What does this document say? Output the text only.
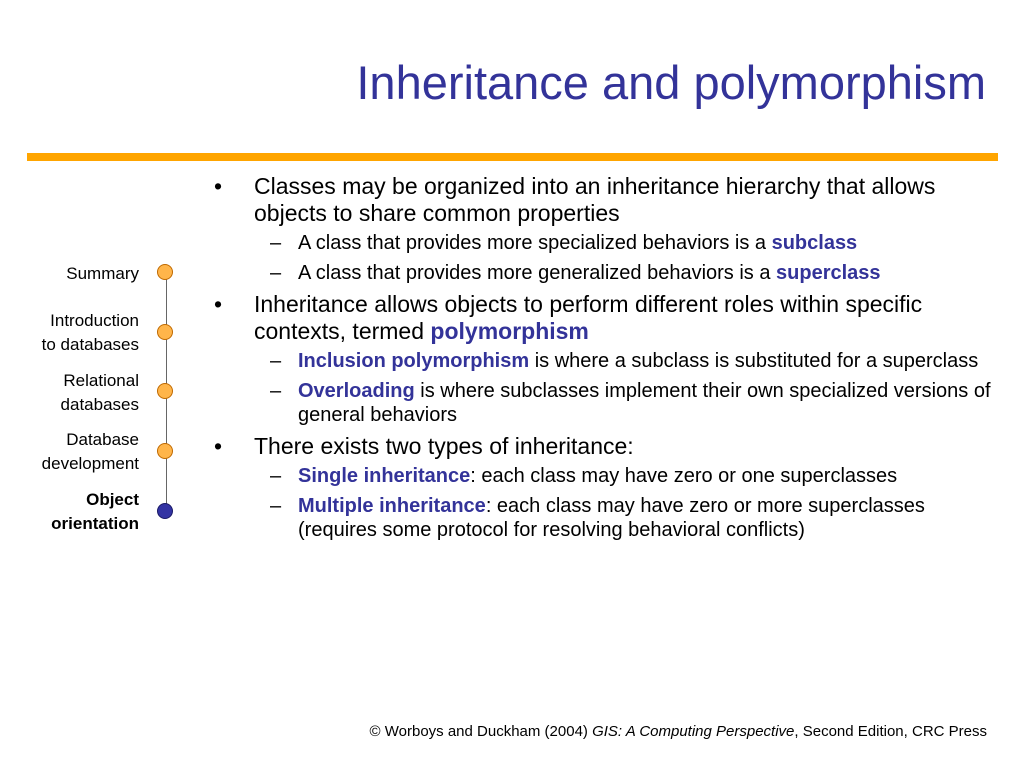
Inheritance and polymorphism
Summary
Introduction
to databases
Relational
databases
Database
development
Object
orientation
• Classes may be organized into an inheritance hierarchy that allows objects to share common properties
– A class that provides more specialized behaviors is a subclass
– A class that provides more generalized behaviors is a superclass
• Inheritance allows objects to perform different roles within specific contexts, termed polymorphism
– Inclusion polymorphism is where a subclass is substituted for a superclass
– Overloading is where subclasses implement their own specialized versions of general behaviors
• There exists two types of inheritance:
– Single inheritance: each class may have zero or one superclasses
– Multiple inheritance: each class may have zero or more superclasses (requires some protocol for resolving behavioral conflicts)
© Worboys and Duckham (2004) GIS: A Computing Perspective, Second Edition, CRC Press
